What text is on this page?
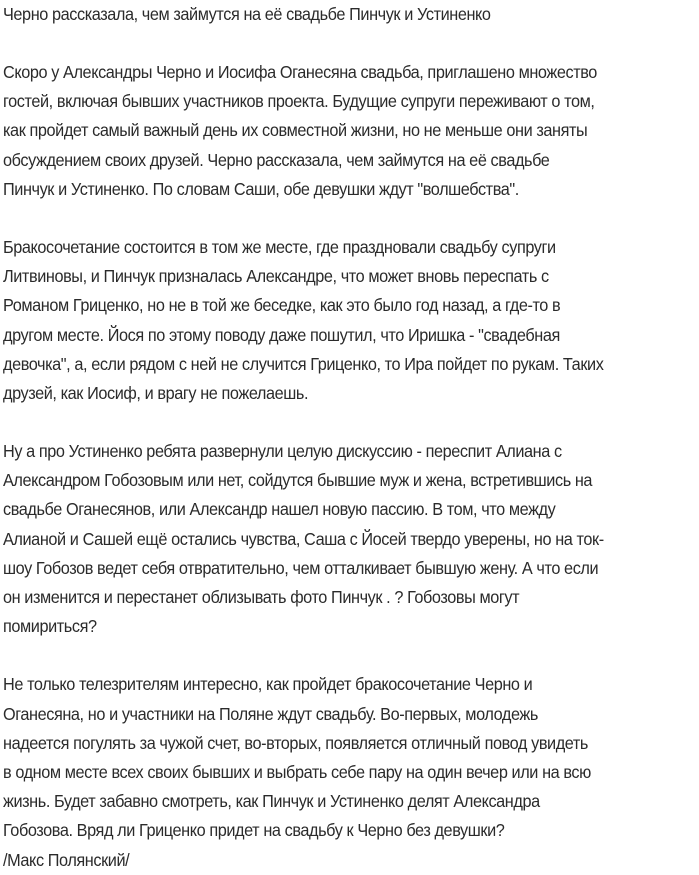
Черно рассказала, чем займутся на её свадьбе Пинчук и Устиненко
Скоро у Александры Черно и Иосифа Оганесяна свадьба, приглашено множество
гостей, включая бывших участников проекта. Будущие супруги переживают о том,
как пройдет самый важный день их совместной жизни, но не меньше они заняты
обсуждением своих друзей. Черно рассказала, чем займутся на её свадьбе
Пинчук и Устиненко. По словам Саши, обе девушки ждут "волшебства".
Бракосочетание состоится в том же месте, где праздновали свадьбу супруги
Литвиновы, и Пинчук призналась Александре, что может вновь переспать с
Романом Гриценко, но не в той же беседке, как это было год назад, а где-то в
другом месте. Йося по этому поводу даже пошутил, что Иришка - "свадебная
девочка", а, если рядом с ней не случится Гриценко, то Ира пойдет по рукам. Таких
друзей, как Иосиф, и врагу не пожелаешь.
Ну а про Устиненко ребята развернули целую дискуссию - переспит Алиана с
Александром Гобозовым или нет, сойдутся бывшие муж и жена, встретившись на
свадьбе Оганесянов, или Александр нашел новую пассию. В том, что между
Алианой и Сашей ещё остались чувства, Саша с Йосей твердо уверены, но на ток-
шоу Гобозов ведет себя отвратительно, чем отталкивает бывшую жену. А что если
он изменится и перестанет облизывать фото Пинчук . ? Гобозовы могут
помириться?
Не только телезрителям интересно, как пройдет бракосочетание Черно и
Оганесяна, но и участники на Поляне ждут свадьбу. Во-первых, молодежь
надеется погулять за чужой счет, во-вторых, появляется отличный повод увидеть
в одном месте всех своих бывших и выбрать себе пару на один вечер или на всю
жизнь. Будет забавно смотреть, как Пинчук и Устиненко делят Александра
Гобозова. Вряд ли Гриценко придет на свадьбу к Черно без девушки?
/Макс Полянский/
